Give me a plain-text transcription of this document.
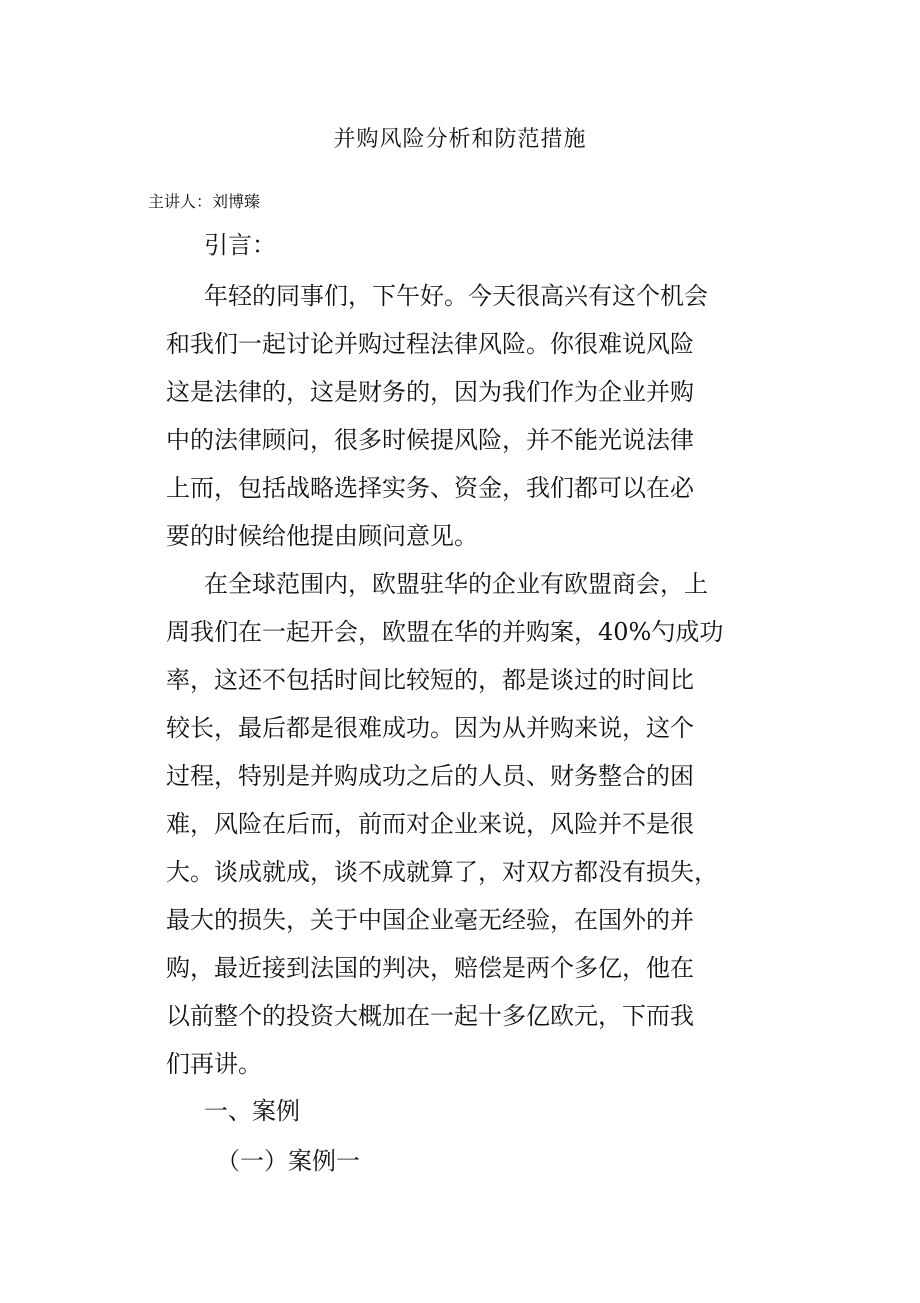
并购风险分析和防范措施
主讲人：刘博臻
引言：

年轻的同事们，下午好。今天很高兴有这个机会
和我们一起讨论并购过程法律风险。你很难说风险
这是法律的，这是财务的，因为我们作为企业并购
中的法律顾问，很多时候提风险，并不能光说法律
上而，包括战略选择实务、资金，我们都可以在必
要的时候给他提由顾问意见。

在全球范围内，欧盟驻华的企业有欧盟商会，上
周我们在一起开会，欧盟在华的并购案，40%勺成功
率，这还不包括时间比较短的，都是谈过的时间比
较长，最后都是很难成功。因为从并购来说，这个
过程，特别是并购成功之后的人员、财务整合的困
难，风险在后而，前而对企业来说，风险并不是很
大。谈成就成，谈不成就算了，对双方都没有损失，
最大的损失，关于中国企业毫无经验，在国外的并
购，最近接到法国的判决，赔偿是两个多亿，他在
以前整个的投资大概加在一起十多亿欧元，下而我
们再讲。

一、案例
（一）案例一
